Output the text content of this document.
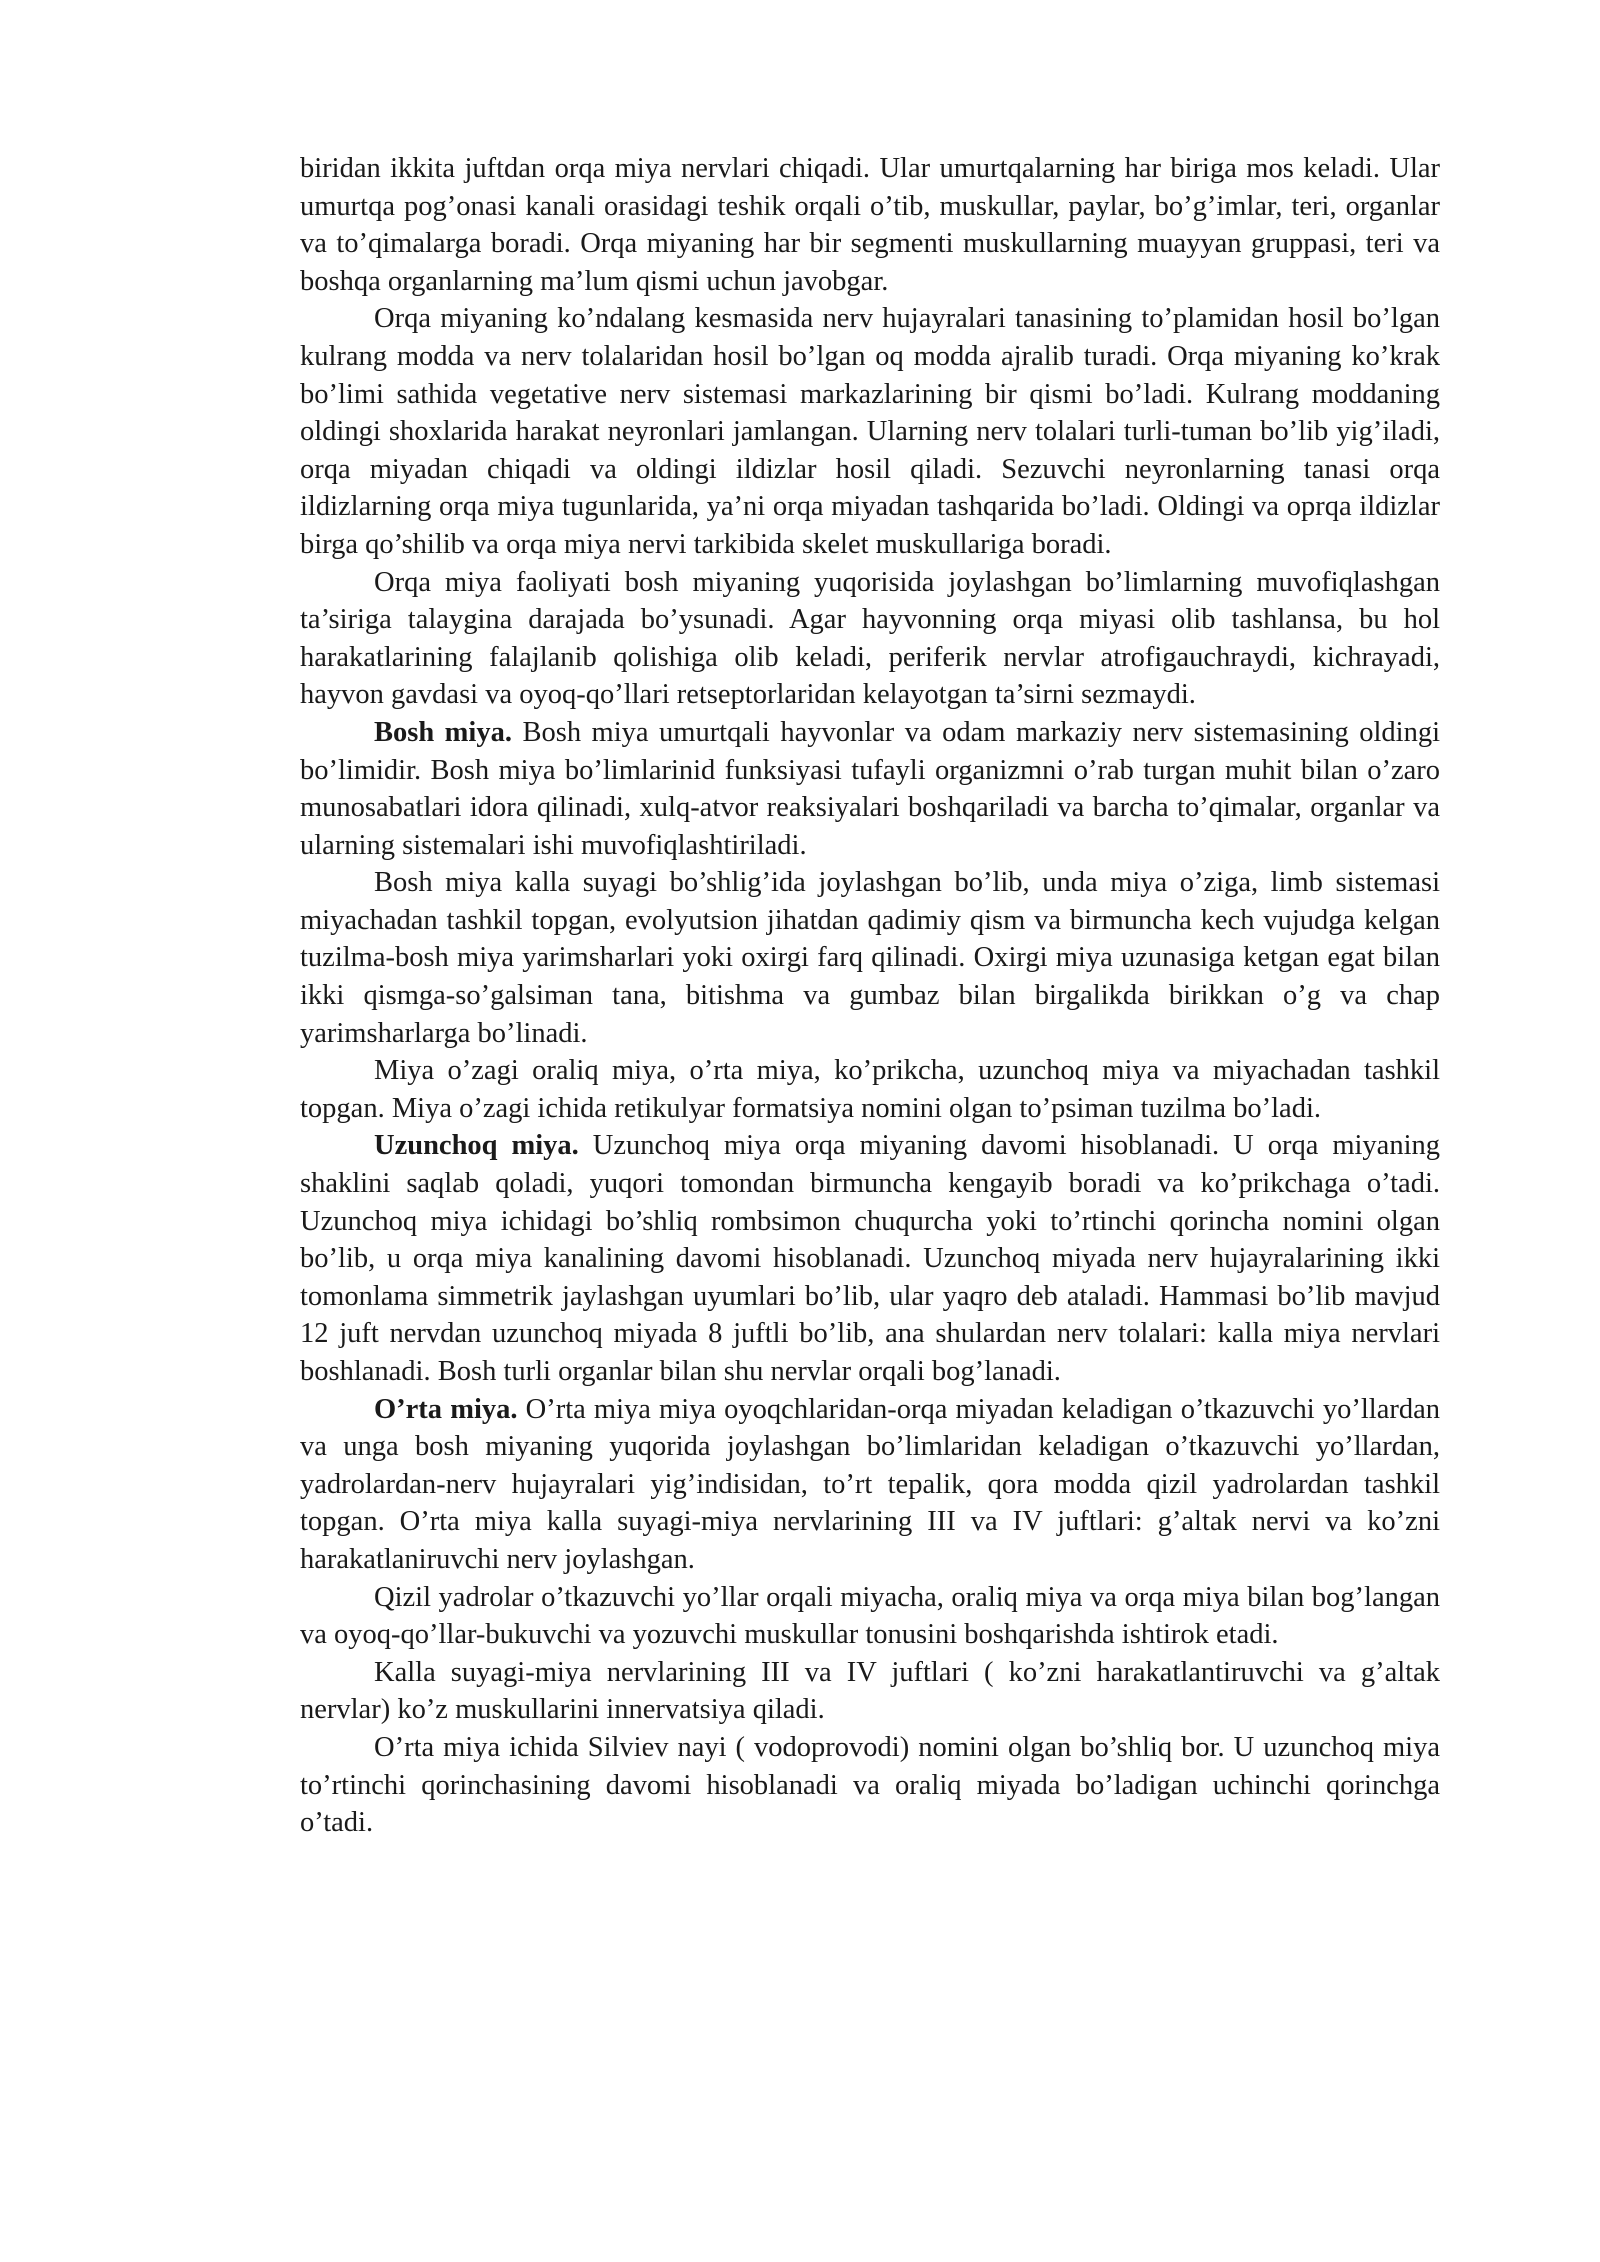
biridan ikkita juftdan orqa miya nervlari chiqadi. Ular umurtqalarning har biriga mos keladi. Ular umurtqa pog’onasi kanali orasidagi teshik orqali o’tib, muskullar, paylar, bo’g’imlar, teri, organlar va to’qimalarga boradi. Orqa miyaning har bir segmenti muskullarning muayyan gruppasi, teri va boshqa organlarning ma’lum qismi uchun javobgar.

Orqa miyaning ko’ndalang kesmasida nerv hujayralari tanasining to’plamidan hosil bo’lgan kulrang modda va nerv tolalaridan hosil bo’lgan oq modda ajralib turadi. Orqa miyaning ko’krak bo’limi sathida vegetative nerv sistemasi markazlarining bir qismi bo’ladi. Kulrang moddaning oldingi shoxlarida harakat neyronlari jamlangan. Ularning nerv tolalari turli-tuman bo’lib yig’iladi, orqa miyadan chiqadi va oldingi ildizlar hosil qiladi. Sezuvchi neyronlarning tanasi orqa ildizlarning orqa miya tugunlarida, ya’ni orqa miyadan tashqarida bo’ladi. Oldingi va oprqa ildizlar birga qo’shilib va orqa miya nervi tarkibida skelet muskullariga boradi.

Orqa miya faoliyati bosh miyaning yuqorisida joylashgan bo’limlarning muvofiqlashgan ta’siriga talaygina darajada bo’ysunadi. Agar hayvonning orqa miyasi olib tashlansa, bu hol harakatlarining falajlanib qolishiga olib keladi, periferik nervlar atrofigauchraydi, kichrayadi, hayvon gavdasi va oyoq-qo’llari retseptorlaridan kelayotgan ta’sirni sezmaydi.

Bosh miya. Bosh miya umurtqali hayvonlar va odam markaziy nerv sistemasining oldingi bo’limidir. Bosh miya bo’limlarinid funksiyasi tufayli organizmni o’rab turgan muhit bilan o’zaro munosabatlari idora qilinadi, xulq-atvor reaksiyalari boshqariladi va barcha to’qimalar, organlar va ularning sistemalari ishi muvofiqlashtiriladi.

Bosh miya kalla suyagi bo’shlig’ida joylashgan bo’lib, unda miya o’ziga, limb sistemasi miyachadan tashkil topgan, evolyutsion jihatdan qadimiy qism va birmuncha kech vujudga kelgan tuzilma-bosh miya yarimsharlari yoki oxirgi farq qilinadi. Oxirgi miya uzunasiga ketgan egat bilan ikki qismga-so’galsiman tana, bitishma va gumbaz bilan birgalikda birikkan o’g va chap yarimsharlarga bo’linadi.

Miya o’zagi oraliq miya, o’rta miya, ko’prikcha, uzunchoq miya va miyachadan tashkil topgan. Miya o’zagi ichida retikulyar formatsiya nomini olgan to’psiman tuzilma bo’ladi.

Uzunchoq miya. Uzunchoq miya orqa miyaning davomi hisoblanadi. U orqa miyaning shaklini saqlab qoladi, yuqori tomondan birmuncha kengayib boradi va ko’prikchaga o’tadi. Uzunchoq miya ichidagi bo’shliq rombsimon chuqurcha yoki to’rtinchi qorincha nomini olgan bo’lib, u orqa miya kanalining davomi hisoblanadi. Uzunchoq miyada nerv hujayralarining ikki tomonlama simmetrik jaylashgan uyumlari bo’lib, ular yaqro deb ataladi. Hammasi bo’lib mavjud 12 juft nervdan uzunchoq miyada 8 juftli bo’lib, ana shulardan nerv tolalari: kalla miya nervlari boshlanadi. Bosh turli organlar bilan shu nervlar orqali bog’lanadi.

O’rta miya. O’rta miya miya oyoqchlaridan-orqa miyadan keladigan o’tkazuvchi yo’llardan va unga bosh miyaning yuqorida joylashgan bo’limlaridan keladigan o’tkazuvchi yo’llardan, yadrolardan-nerv hujayralari yig’indisidan, to’rt tepalik, qora modda qizil yadrolardan tashkil topgan. O’rta miya kalla suyagi-miya nervlarining III va IV juftlari: g’altak nervi va ko’zni harakatlaniruvchi nerv joylashgan.

Qizil yadrolar o’tkazuvchi yo’llar orqali miyacha, oraliq miya va orqa miya bilan bog’langan va oyoq-qo’llar-bukuvchi va yozuvchi muskullar tonusini boshqarishda ishtirok etadi.

Kalla suyagi-miya nervlarining III va IV juftlari ( ko’zni harakatlantiruvchi va g’altak nervlar) ko’z muskullarini innervatsiya qiladi.

O’rta miya ichida Silviev nayi ( vodoprovodi) nomini olgan bo’shliq bor. U uzunchoq miya to’rtinchi qorinchasining davomi hisoblanadi va oraliq miyada bo’ladigan uchinchi qorinchga o’tadi.
